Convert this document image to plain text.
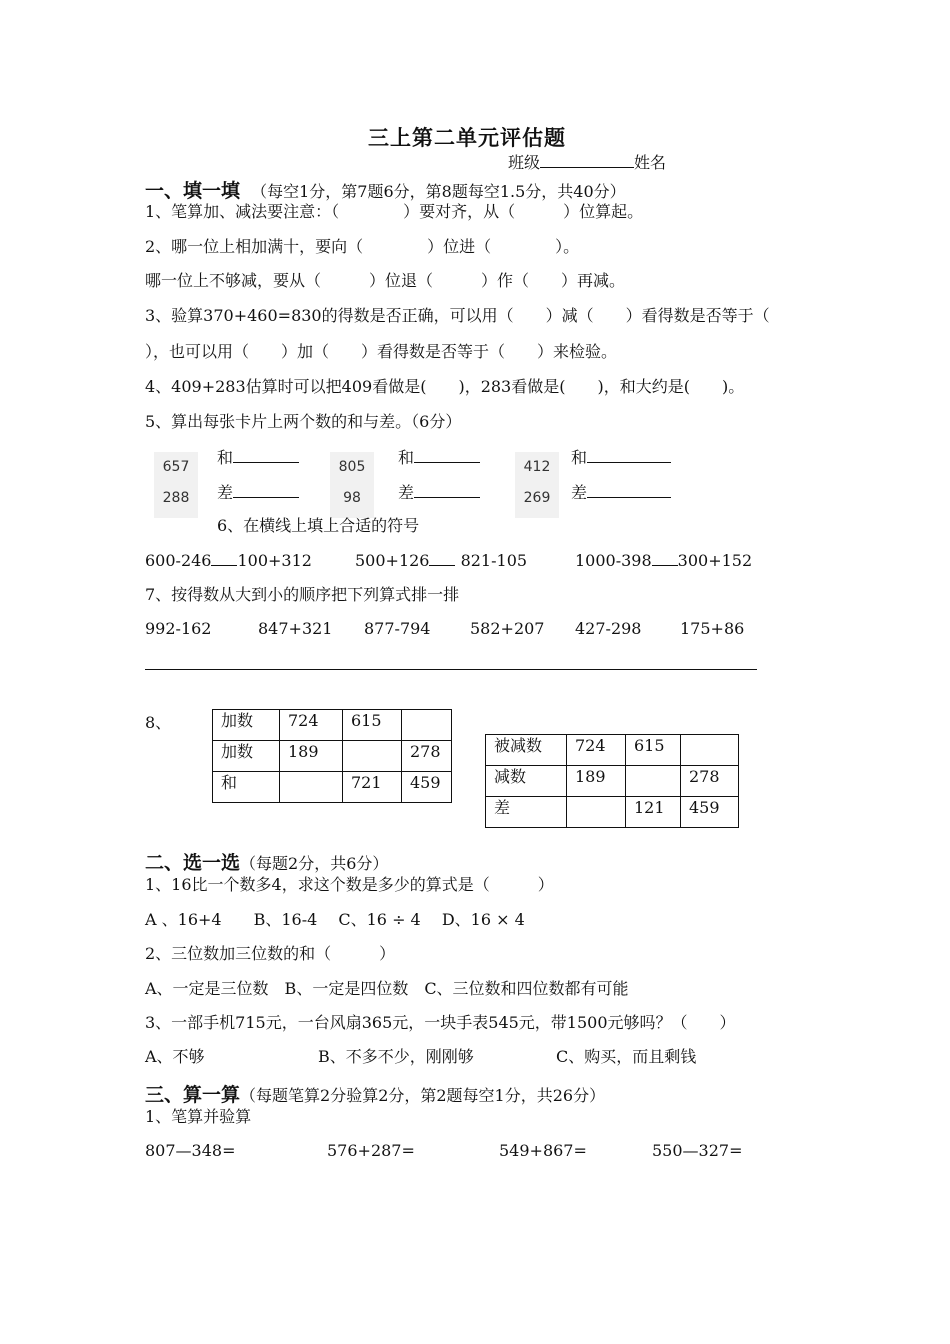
三上第二单元评估题
班级	姓名
一、填一填 （每空1分，第7题6分，第8题每空1.5分，共40分）
1、笔算加、减法要注意：（　　　　）要对齐，从（　　　）位算起。
2、哪一位上相加满十，要向（　　　　）位进（　　　　）。
哪一位上不够减，要从（　　　）位退（　　　）作（　　）再减。
3、验算370+460=830的得数是否正确，可以用（　　）减（　　）看得数是否等于（
），也可以用（　　）加（　　）看得数是否等于（　　）来检验。
4、409+283估算时可以把409看做是(　　)，283看做是(　　)，和大约是(　　)。
5、算出每张卡片上两个数的和与差。（6分）
657
288
805
98
412
269
和
差
和
差
和
差
6、在横线上填上合适的符号
600-246 100+312	500+126 821-105	1000-398 300+152
7、按得数从大到小的顺序把下列算式排一排
992-162	847+321 877-794 582+207 427-298 175+86
8、	加数	724	615	
加数	189		278
和		721	459
被减数	724	615	
减数	189		278
差		121	459
二、选一选（每题2分，共6分）
1、16比一个数多4，求这个数是多少的算式是（　　　）
A 、16+4　　B、16-4　 C、16 ÷ 4　 D、16 × 4
2、三位数加三位数的和（　　　）
A、一定是三位数　B、一定是四位数　C、三位数和四位数都有可能
3、一部手机715元，一台风扇365元，一块手表545元，带1500元够吗？（　　）
A、不够	B、不多不少，刚刚够	C、购买，而且剩钱
三、算一算（每题笔算2分验算2分，第2题每空1分，共26分）
1、笔算并验算
807—348=	576+287=	549+867=	550—327=
